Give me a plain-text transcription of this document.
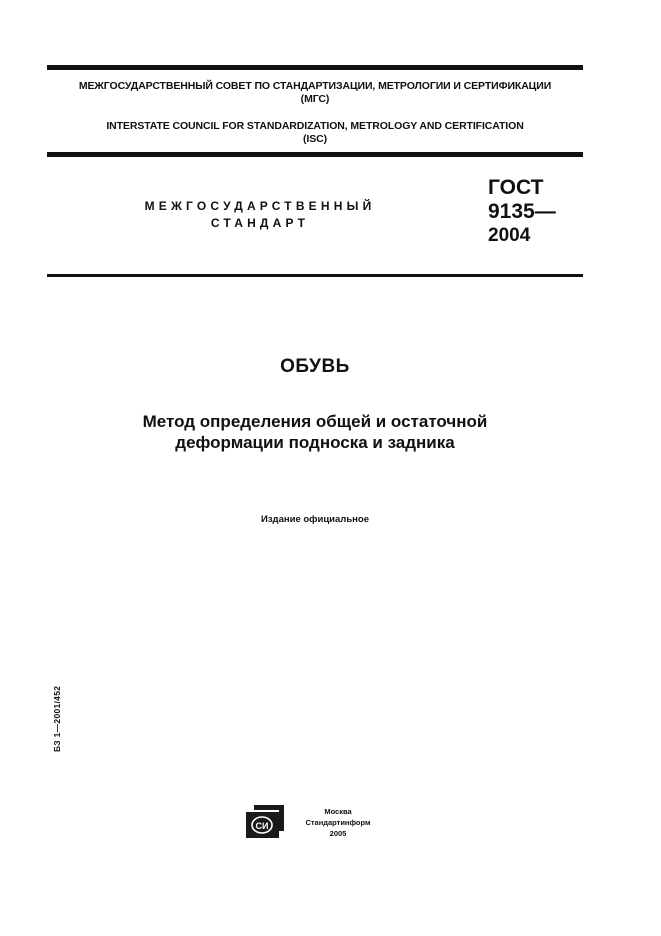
МЕЖГОСУДАРСТВЕННЫЙ СОВЕТ ПО СТАНДАРТИЗАЦИИ, МЕТРОЛОГИИ И СЕРТИФИКАЦИИ
(МГС)
INTERSTATE COUNCIL FOR STANDARDIZATION, METROLOGY AND CERTIFICATION
(ISC)
МЕЖГОСУДАРСТВЕННЫЙ
СТАНДАРТ
ГОСТ
9135—
2004
ОБУВЬ
Метод определения общей и остаточной
деформации подноска и задника
Издание официальное
БЗ 1—2001/452
СИ
Москва
Стандартинформ
2005
